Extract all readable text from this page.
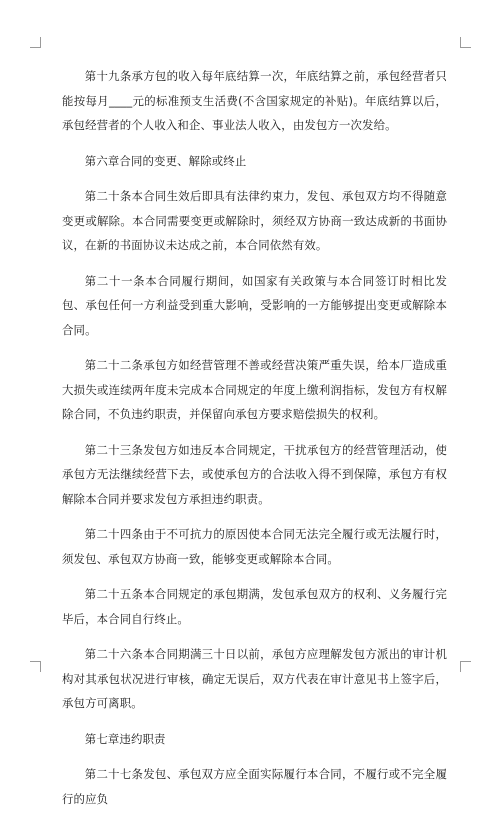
第十九条承方包的收入每年底结算一次，年底结算之前，承包经营者只能按每月____元的标准预支生活费(不含国家规定的补贴)。年底结算以后，承包经营者的个人收入和企、事业法人收入，由发包方一次发给。

第六章合同的变更、解除或终止

第二十条本合同生效后即具有法律约束力，发包、承包双方均不得随意变更或解除。本合同需要变更或解除时，须经双方协商一致达成新的书面协议，在新的书面协议未达成之前，本合同依然有效。

第二十一条本合同履行期间，如国家有关政策与本合同签订时相比发包、承包任何一方利益受到重大影响，受影响的一方能够提出变更或解除本合同。

第二十二条承包方如经营管理不善或经营决策严重失误，给本厂造成重大损失或连续两年度未完成本合同规定的年度上缴利润指标，发包方有权解除合同，不负违约职责，并保留向承包方要求赔偿损失的权利。

第二十三条发包方如违反本合同规定，干扰承包方的经营管理活动，使承包方无法继续经营下去，或使承包方的合法收入得不到保障，承包方有权解除本合同并要求发包方承担违约职责。

第二十四条由于不可抗力的原因使本合同无法完全履行或无法履行时，须发包、承包双方协商一致，能够变更或解除本合同。

第二十五条本合同规定的承包期满，发包承包双方的权利、义务履行完毕后，本合同自行终止。

第二十六条本合同期满三十日以前，承包方应理解发包方派出的审计机构对其承包状况进行审核，确定无误后，双方代表在审计意见书上签字后，承包方可离职。

第七章违约职责

第二十七条发包、承包双方应全面实际履行本合同，不履行或不完全履行的应负
